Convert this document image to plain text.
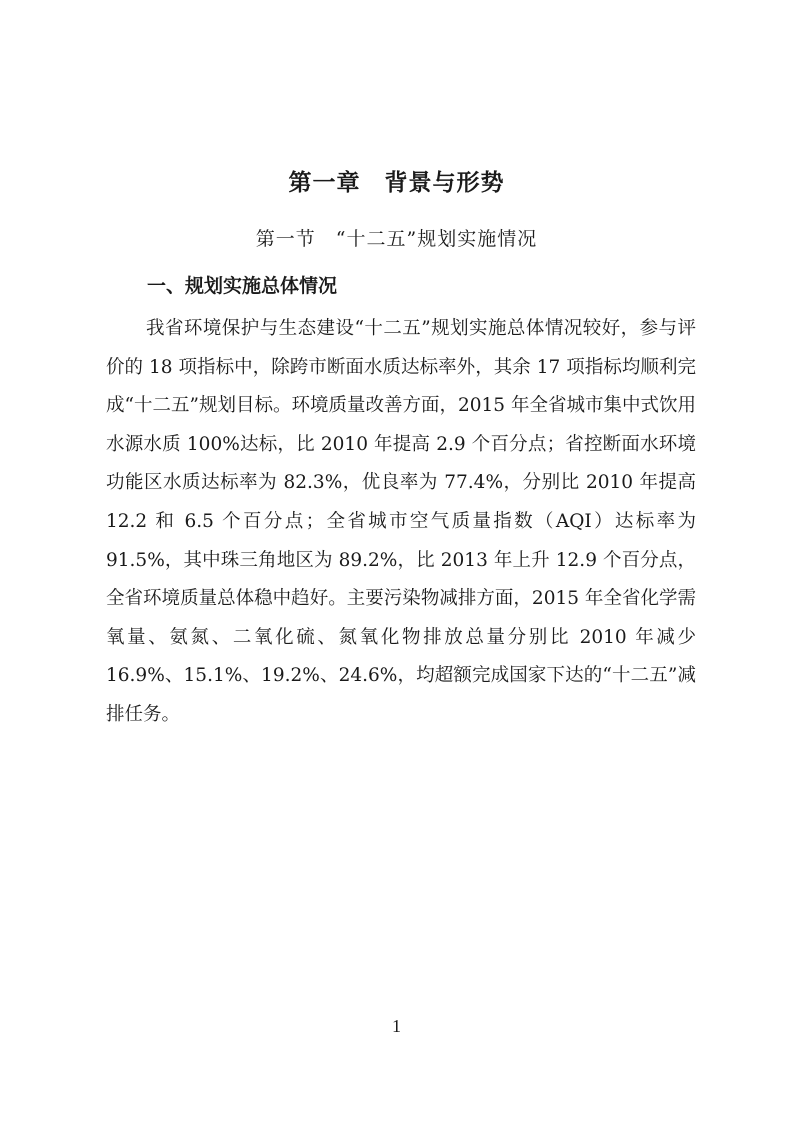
第一章　背景与形势
第一节　“十二五”规划实施情况
一、规划实施总体情况

我省环境保护与生态建设“十二五”规划实施总体情况较好，参与评价的 18 项指标中，除跨市断面水质达标率外，其余 17 项指标均顺利完成“十二五”规划目标。环境质量改善方面，2015 年全省城市集中式饮用水源水质 100%达标，比 2010 年提高 2.9 个百分点；省控断面水环境功能区水质达标率为 82.3%，优良率为 77.4%，分别比 2010 年提高 12.2 和 6.5 个百分点；全省城市空气质量指数（AQI）达标率为 91.5%，其中珠三角地区为 89.2%，比 2013 年上升 12.9 个百分点，全省环境质量总体稳中趋好。主要污染物减排方面，2015 年全省化学需氧量、氨氮、二氧化硫、氮氧化物排放总量分别比 2010 年减少 16.9%、15.1%、19.2%、24.6%，均超额完成国家下达的“十二五”减排任务。

1
